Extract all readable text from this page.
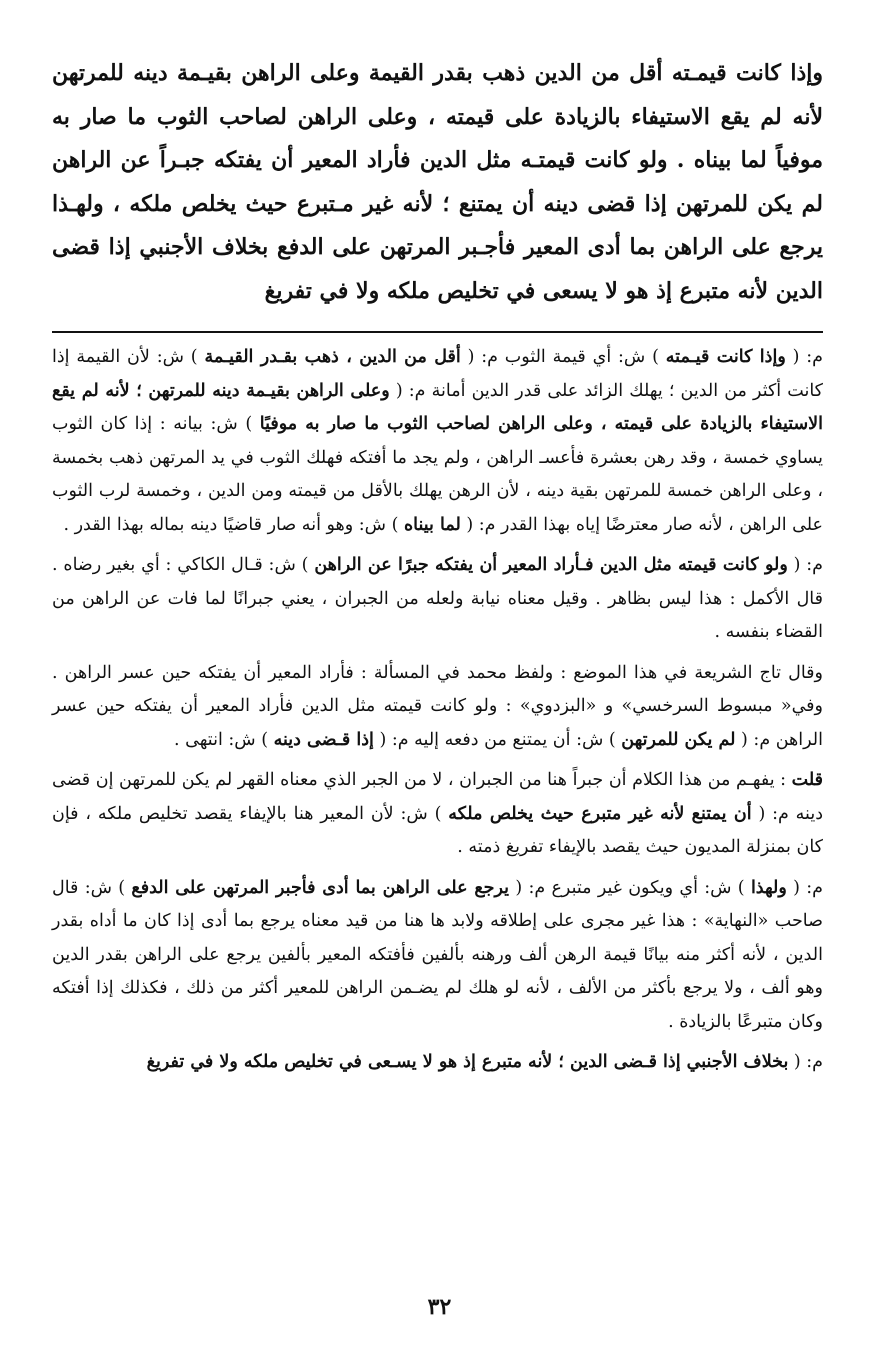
وإذا كانت قيمـته أقل من الدين ذهب بقدر القيمة وعلى الراهن بقيـمة دينه للمرتهن لأنه لم يقع الاستيفاء بالزيادة على قيمته ، وعلى الراهن لصاحب الثوب ما صار به موفياً لما بيناه . ولو كانت قيمتـه مثل الدين فأراد المعير أن يفتكه جبـراً عن الراهن لم يكن للمرتهن إذا قضى دينه أن يمتنع ؛ لأنه غير مـتبرع حيث يخلص ملكه ، ولهـذا يرجع على الراهن بما أدى المعير فأجـبر المرتهن على الدفع بخلاف الأجنبي إذا قضى الدين لأنه متبرع إذ هو لا يسعى في تخليص ملكه ولا في تفريغ

م: ( وإذا كانت قيـمته ) ش: أي قيمة الثوب م: ( أقل من الدين ، ذهب بقـدر القيـمة ) ش: لأن القيمة إذا كانت أكثر من الدين ؛ يهلك الزائد على قدر الدين أمانة م: ( وعلى الراهن بقيـمة دينه للمرتهن ؛ لأنه لم يقع الاستيفاء بالزيادة على قيمته ، وعلى الراهن لصاحب الثوب ما صار به موفيًا ) ش: بيانه : إذا كان الثوب يساوي خمسة ، وقد رهن بعشرة فأعسـ الراهن ، ولم يجد ما أفتكه فهلك الثوب في يد المرتهن ذهب بخمسة ، وعلى الراهن خمسة للمرتهن بقية دينه ، لأن الرهن يهلك بالأقل من قيمته ومن الدين ، وخمسة لرب الثوب على الراهن ، لأنه صار معترضًا إياه بهذا القدر م: ( لما بيناه ) ش: وهو أنه صار قاضيًا دينه بماله بهذا القدر .

م: ( ولو كانت قيمته مثل الدين فـأراد المعير أن يفتكه جبرًا عن الراهن ) ش: قـال الكاكي : أي بغير رضاه . قال الأكمل : هذا ليس بظاهر . وقيل معناه نيابة ولعله من الجبران ، يعني جبرانًا لما فات عن الراهن من القضاء بنفسه .

وقال تاج الشريعة في هذا الموضع : ولفظ محمد في المسألة : فأراد المعير أن يفتكه حين عسر الراهن . وفي« مبسوط السرخسي» و «البزدوي» : ولو كانت قيمته مثل الدين فأراد المعير أن يفتكه حين عسر الراهن م: ( لم يكن للمرتهن ) ش: أن يمتنع من دفعه إليه م: ( إذا قـضى دينه ) ش: انتهى .

قلت : يفهـم من هذا الكلام أن جبراً هنا من الجبران ، لا من الجبر الذي معناه القهر لم يكن للمرتهن إن قضى دينه م: ( أن يمتنع لأنه غير متبرع حيث يخلص ملكه ) ش: لأن المعير هنا بالإيفاء يقصد تخليص ملكه ، فإن كان بمنزلة المديون حيث يقصد بالإيفاء تفريغ ذمته .

م: ( ولهذا ) ش: أي ويكون غير متبرع م: ( يرجع على الراهن بما أدى فأجبر المرتهن على الدفع ) ش: قال صاحب «النهاية» : هذا غير مجرى على إطلاقه ولابد ها هنا من قيد معناه يرجع بما أدى إذا كان ما أداه بقدر الدين ، لأنه أكثر منه بيانًا قيمة الرهن ألف ورهنه بألفين فأفتكه المعير بألفين يرجع على الراهن بقدر الدين وهو ألف ، ولا يرجع بأكثر من الألف ، لأنه لو هلك لم يضـمن الراهن للمعير أكثر من ذلك ، فكذلك إذا أفتكه وكان متبرعًا بالزيادة .

م: ( بخلاف الأجنبي إذا قـضى الدين ؛ لأنه متبرع إذ هو لا يسـعى في تخليص ملكه ولا في تفريغ

٣٢
